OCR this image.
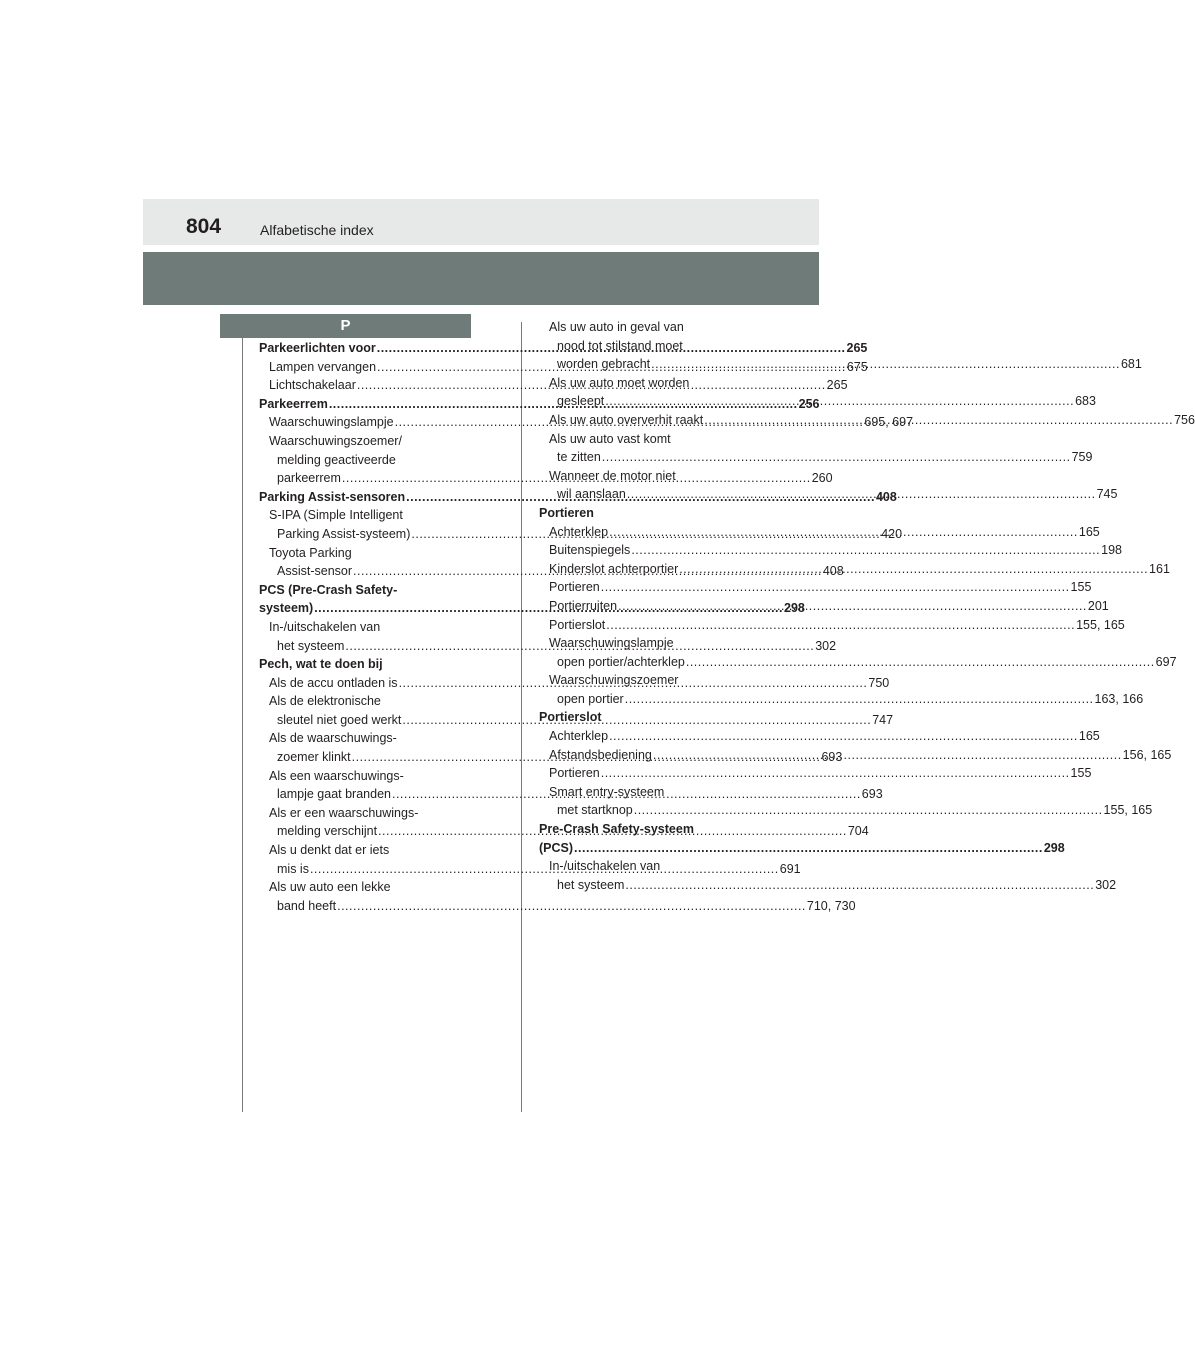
804	Alfabetische index
P
Parkeerlichten voor .....	265
Lampen vervangen .....	675
Lichtschakelaar .....	265
Parkeerrem .....	256
Waarschuwingslampje .....	695, 697
Waarschuwingszoemer/
melding geactiveerde
parkeerrem .....	260
Parking Assist-sensoren .....	408
S-IPA (Simple Intelligent
Parking Assist-systeem) .....	420
Toyota Parking
Assist-sensor .....	408
PCS (Pre-Crash Safety-
systeem) .....	298
In-/uitschakelen van
het systeem .....	302
Pech, wat te doen bij
Als de accu ontladen is .....	750
Als de elektronische
sleutel niet goed werkt .....	747
Als de waarschuwings-
zoemer klinkt .....	693
Als een waarschuwings-
lampje gaat branden .....	693
Als er een waarschuwings-
melding verschijnt .....	704
Als u denkt dat er iets
mis is .....	691
Als uw auto een lekke
band heeft .....	710, 730
Als uw auto in geval van
nood tot stilstand moet
worden gebracht .....	681
Als uw auto moet worden
gesleept .....	683
Als uw auto oververhit raakt .....	756
Als uw auto vast komt
te zitten .....	759
Wanneer de motor niet
wil aanslaan .....	745
Portieren
Achterklep .....	165
Buitenspiegels .....	198
Kinderslot achterportier .....	161
Portieren .....	155
Portierruiten .....	201
Portierslot .....	155, 165
Waarschuwingslampje
open portier/achterklep .....	697
Waarschuwingszoemer
open portier .....	163, 166
Portierslot
Achterklep .....	165
Afstandsbediening .....	156, 165
Portieren .....	155
Smart entry-systeem
met startknop .....	155, 165
Pre-Crash Safety-systeem
(PCS) .....	298
In-/uitschakelen van
het systeem .....	302
